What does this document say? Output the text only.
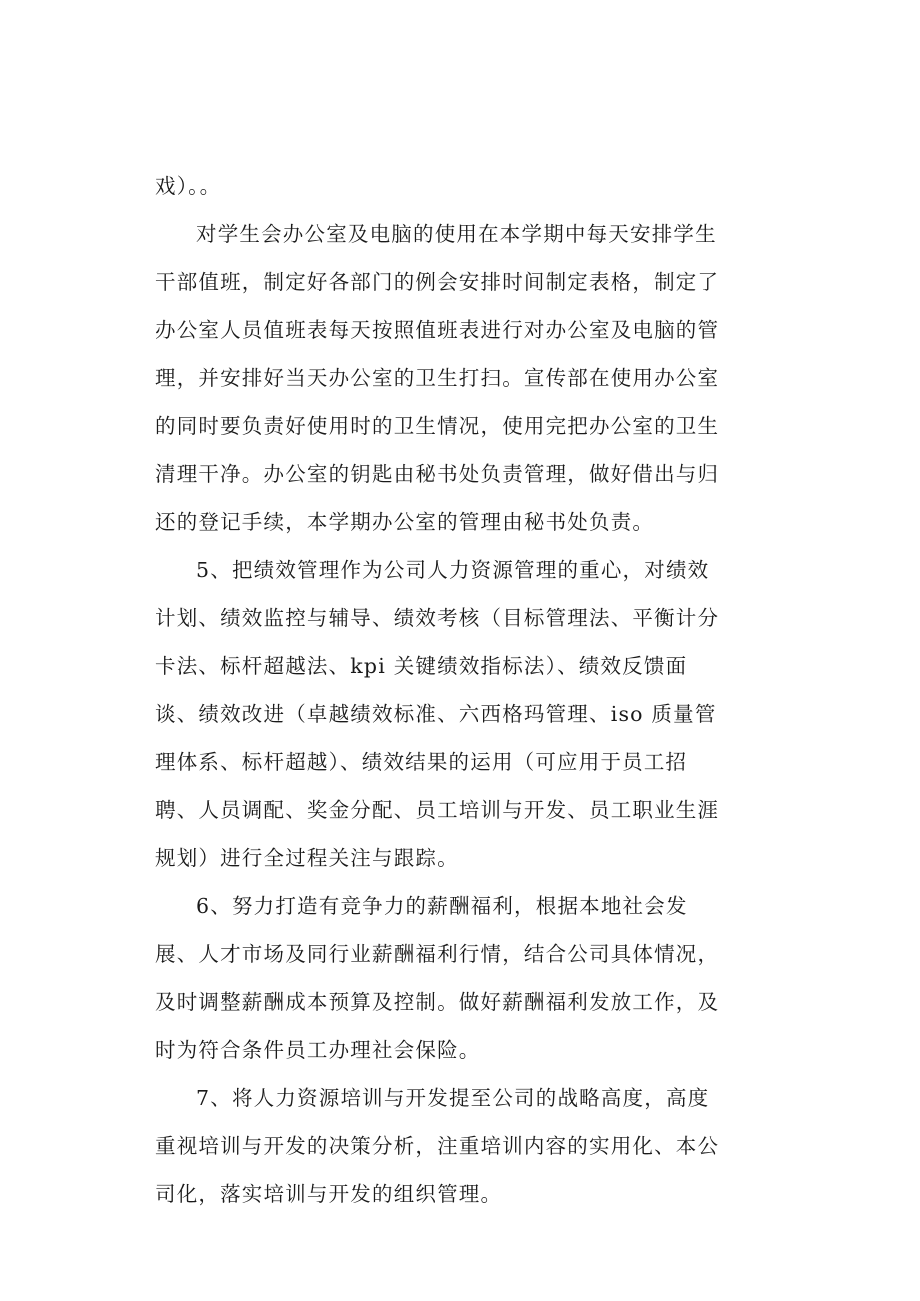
戏）。。
对学生会办公室及电脑的使用在本学期中每天安排学生
干部值班，制定好各部门的例会安排时间制定表格，制定了
办公室人员值班表每天按照值班表进行对办公室及电脑的管
理，并安排好当天办公室的卫生打扫。宣传部在使用办公室
的同时要负责好使用时的卫生情况，使用完把办公室的卫生
清理干净。办公室的钥匙由秘书处负责管理，做好借出与归
还的登记手续，本学期办公室的管理由秘书处负责。
5、把绩效管理作为公司人力资源管理的重心，对绩效
计划、绩效监控与辅导、绩效考核（目标管理法、平衡计分
卡法、标杆超越法、kpi 关键绩效指标法）、绩效反馈面
谈、绩效改进（卓越绩效标准、六西格玛管理、iso 质量管
理体系、标杆超越）、绩效结果的运用（可应用于员工招
聘、人员调配、奖金分配、员工培训与开发、员工职业生涯
规划）进行全过程关注与跟踪。
6、努力打造有竞争力的薪酬福利，根据本地社会发
展、人才市场及同行业薪酬福利行情，结合公司具体情况，
及时调整薪酬成本预算及控制。做好薪酬福利发放工作，及
时为符合条件员工办理社会保险。
7、将人力资源培训与开发提至公司的战略高度，高度
重视培训与开发的决策分析，注重培训内容的实用化、本公
司化，落实培训与开发的组织管理。
